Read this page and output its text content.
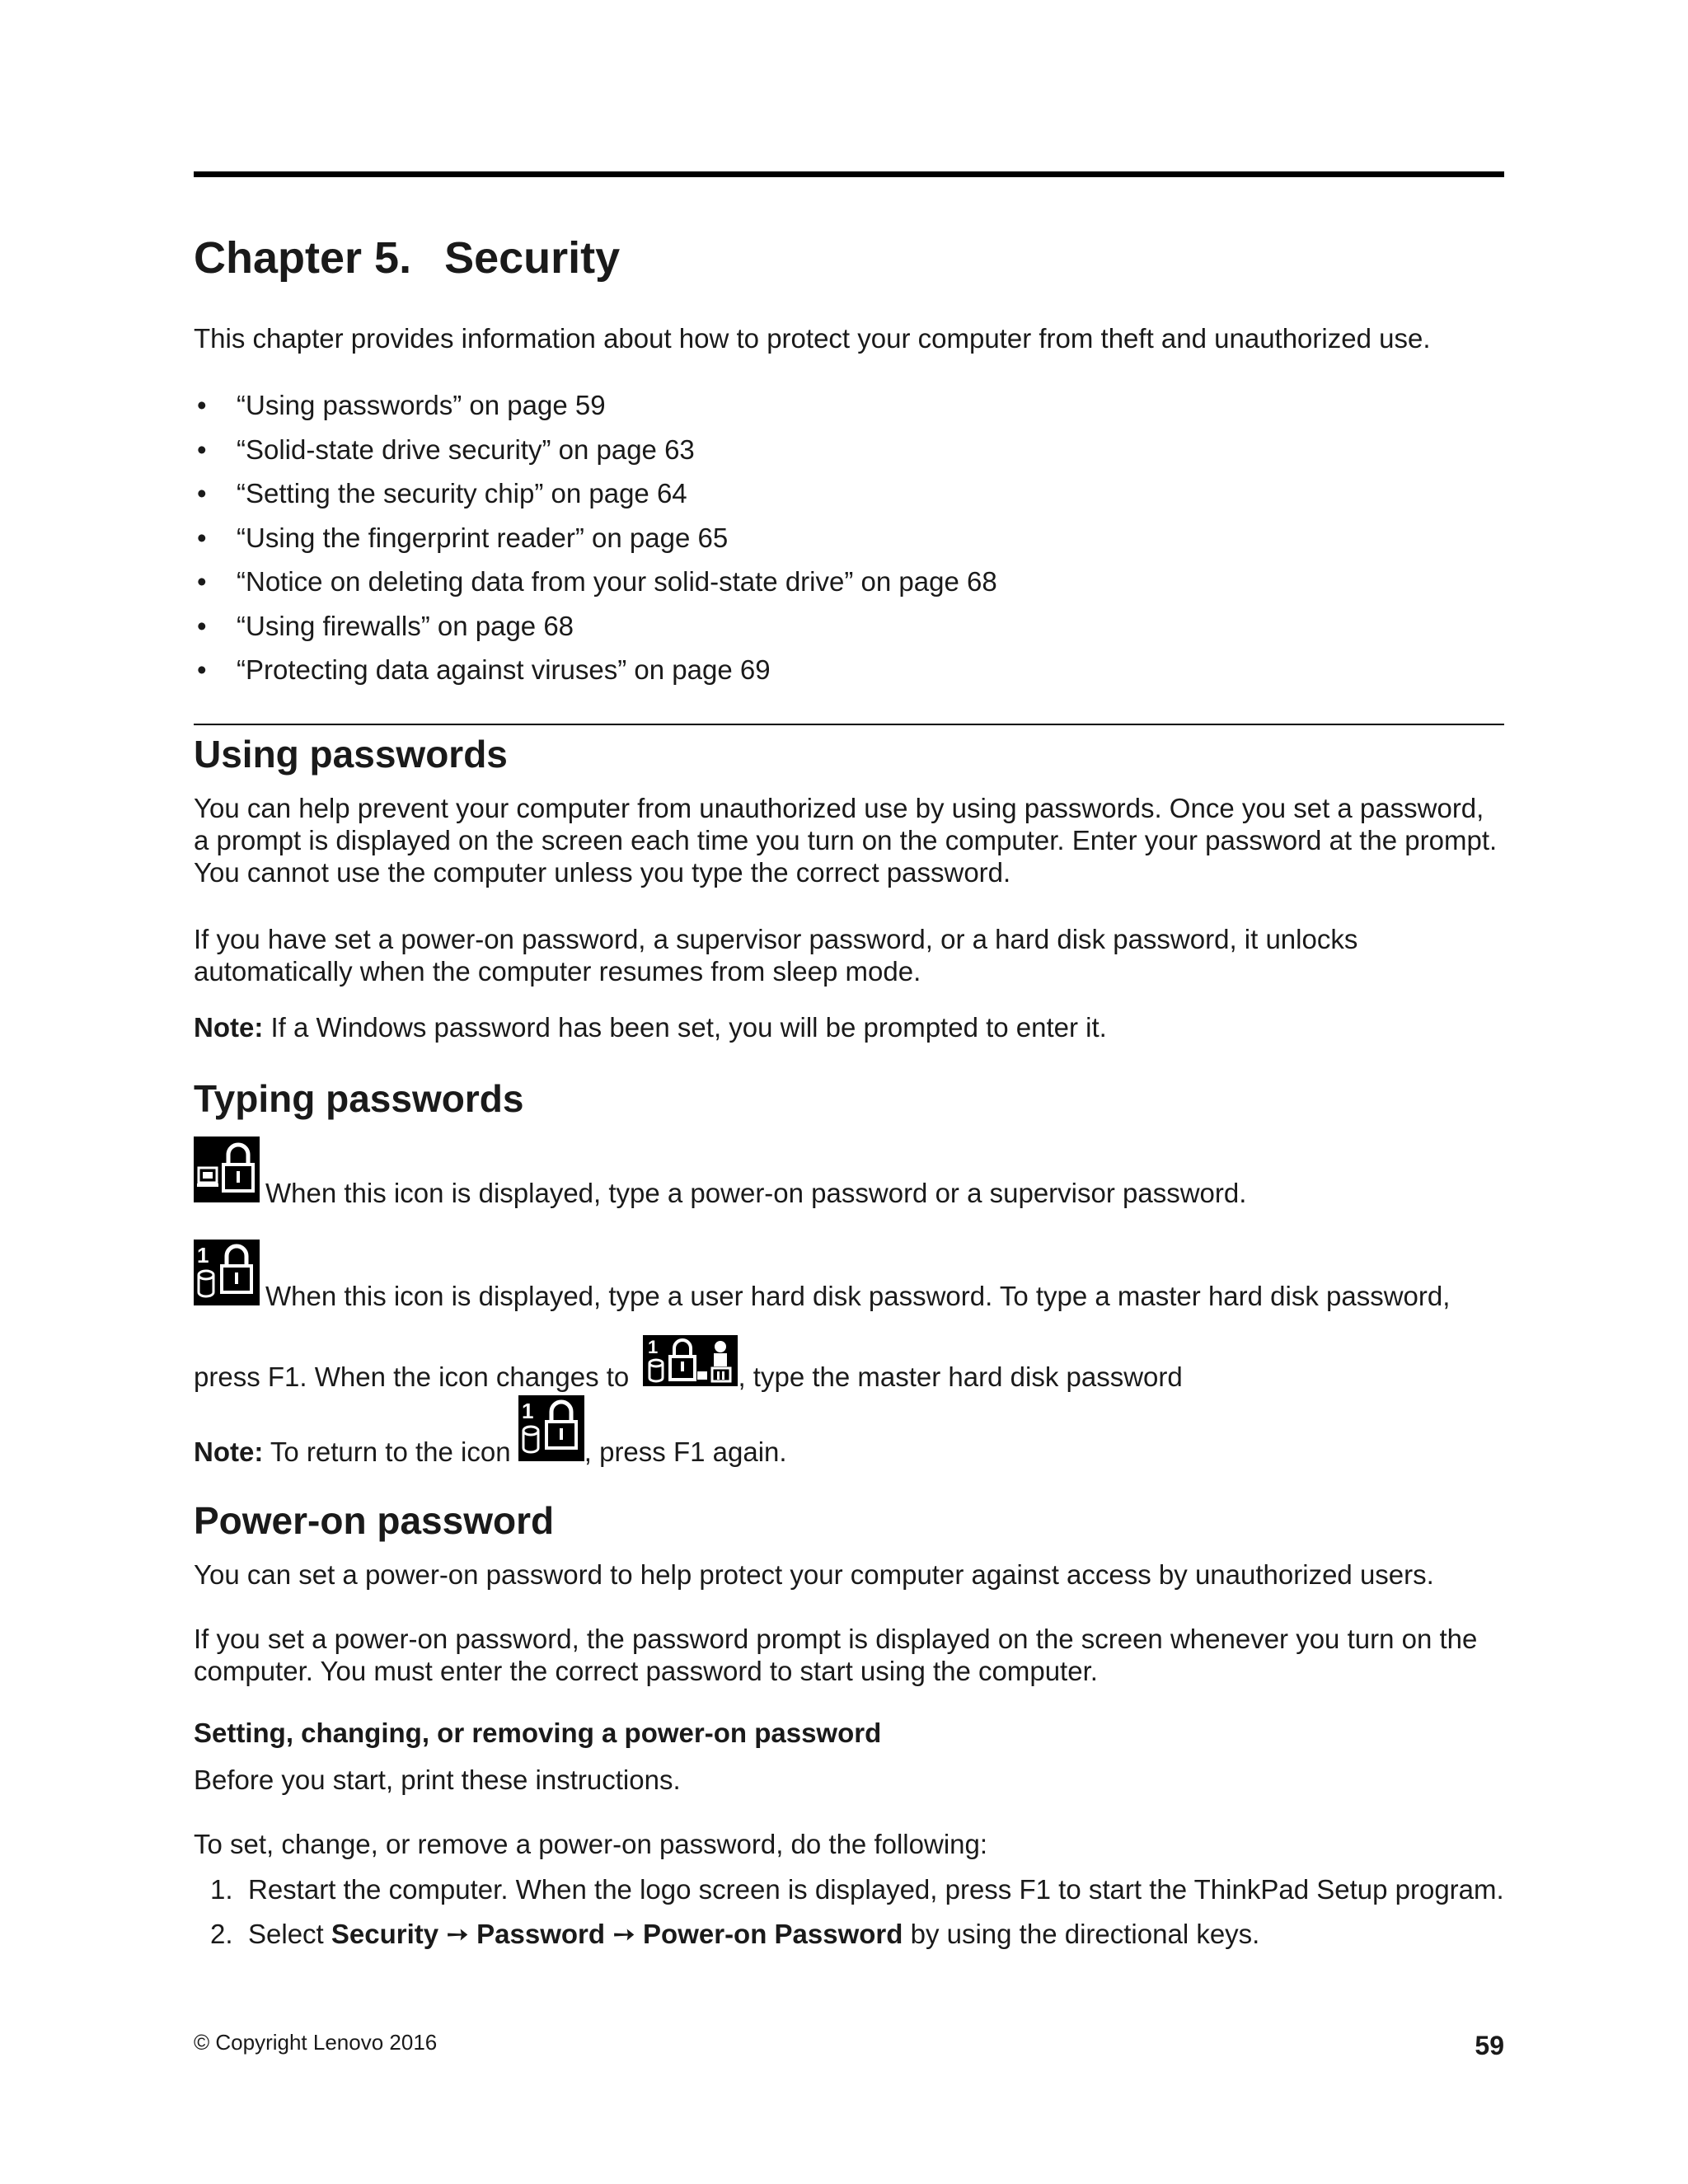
Chapter 5. Security

This chapter provides information about how to protect your computer from theft and unauthorized use.

• “Using passwords” on page 59
• “Solid-state drive security” on page 63
• “Setting the security chip” on page 64
• “Using the fingerprint reader” on page 65
• “Notice on deleting data from your solid-state drive” on page 68
• “Using firewalls” on page 68
• “Protecting data against viruses” on page 69
Using passwords

You can help prevent your computer from unauthorized use by using passwords. Once you set a password,
a prompt is displayed on the screen each time you turn on the computer. Enter your password at the prompt.
You cannot use the computer unless you type the correct password.

If you have set a power-on password, a supervisor password, or a hard disk password, it unlocks
automatically when the computer resumes from sleep mode.

Note: If a Windows password has been set, you will be prompted to enter it.

Typing passwords

When this icon is displayed, type a power-on password or a supervisor password.

1

When this icon is displayed, type a user hard disk password. To type a master hard disk password,

press F1. When the icon changes to
1
, type the master hard disk password

Note: To return to the icon
1
, press F1 again.

Power-on password

You can set a power-on password to help protect your computer against access by unauthorized users.

If you set a power-on password, the password prompt is displayed on the screen whenever you turn on the
computer. You must enter the correct password to start using the computer.

Setting, changing, or removing a power-on password

Before you start, print these instructions.

To set, change, or remove a power-on password, do the following:

1. Restart the computer. When the logo screen is displayed, press F1 to start the ThinkPad Setup program.
2. Select Security ➙ Password ➙ Power-on Password by using the directional keys.

© Copyright Lenovo 2016	59
